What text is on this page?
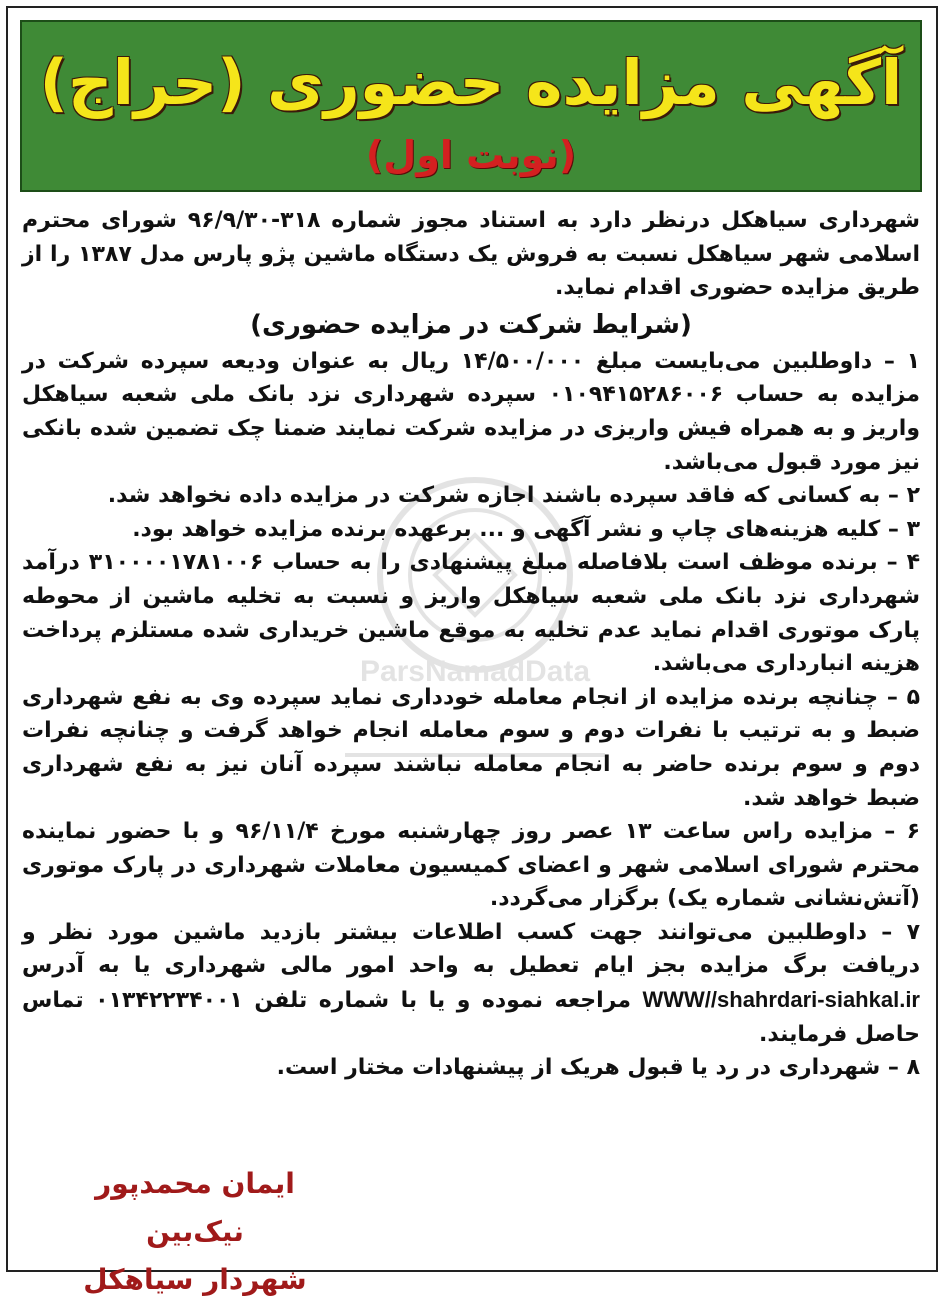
آگهی مزایده حضوری (حراج)
(نوبت اول)
ParsNamadData

شهرداری سیاهکل درنظر دارد به استناد مجوز شماره ۳۱۸-۹۶/۹/۳۰ شورای محترم اسلامی شهر سیاهکل نسبت به فروش یک دستگاه ماشین پژو پارس مدل ۱۳۸۷ را از طریق مزایده حضوری اقدام نماید.

(شرایط شرکت در مزایده حضوری)

۱ – داوطلبین می‌بایست مبلغ ۱۴/۵۰۰/۰۰۰ ریال به عنوان ودیعه سپرده شرکت در مزایده به حساب ۰۱۰۹۴۱۵۲۸۶۰۰۶ سپرده شهرداری نزد بانک ملی شعبه سیاهکل واریز و به همراه فیش واریزی در مزایده شرکت نمایند ضمنا چک تضمین شده بانکی نیز مورد قبول می‌باشد.

۲ – به کسانی که فاقد سپرده باشند اجازه شرکت در مزایده داده نخواهد شد.

۳ – کلیه هزینه‌های چاپ و نشر آگهی و ... برعهده برنده مزایده خواهد بود.

۴ – برنده موظف است بلافاصله مبلغ پیشنهادی را به حساب ۳۱۰۰۰۰۱۷۸۱۰۰۶ درآمد شهرداری نزد بانک ملی شعبه سیاهکل واریز و نسبت به تخلیه ماشین از محوطه پارک موتوری اقدام نماید عدم تخلیه به موقع ماشین خریداری شده مستلزم پرداخت هزینه انبارداری می‌باشد.

۵ – چنانچه برنده مزایده از انجام معامله خودداری نماید سپرده وی به نفع شهرداری ضبط و به ترتیب با نفرات دوم و سوم معامله انجام خواهد گرفت و چنانچه نفرات دوم و سوم برنده حاضر به انجام معامله نباشند سپرده آنان نیز به نفع شهرداری ضبط خواهد شد.

۶ – مزایده راس ساعت ۱۳ عصر روز چهارشنبه مورخ ۹۶/۱۱/۴ و با حضور نماینده محترم شورای اسلامی شهر و اعضای کمیسیون معاملات شهرداری در پارک موتوری (آتش‌نشانی شماره یک) برگزار می‌گردد.

۷ – داوطلبین می‌توانند جهت کسب اطلاعات بیشتر بازدید ماشین مورد نظر و دریافت برگ مزایده بجز ایام تعطیل به واحد امور مالی شهرداری یا به آدرس WWW//shahrdari-siahkal.ir مراجعه نموده و یا با شماره تلفن ۰۱۳۴۲۲۳۴۰۰۱ تماس حاصل فرمایند.

۸ – شهرداری در رد یا قبول هریک از پیشنهادات مختار است.

ایمان محمدپور نیک‌بین
شهردار سیاهکل
